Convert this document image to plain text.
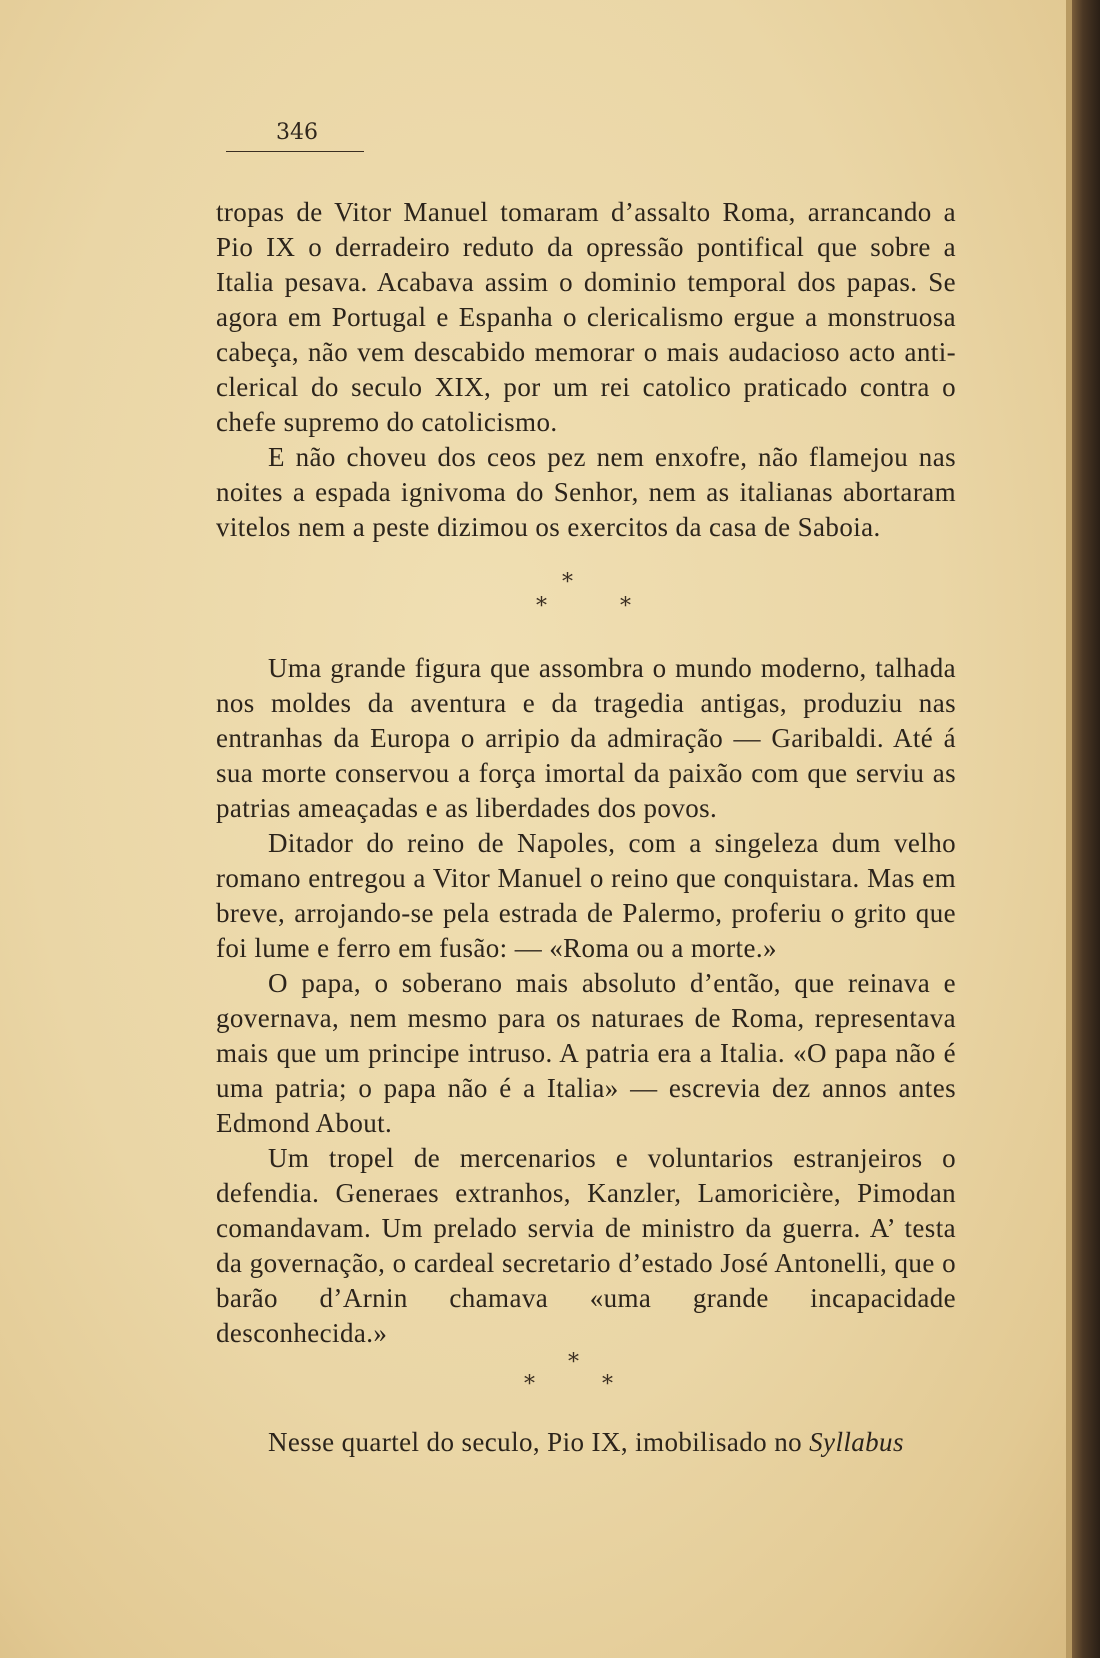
346

tropas de Vitor Manuel tomaram d’assalto Roma, arrancando a Pio IX o derradeiro reduto da opressão pontifical que sobre a Italia pesava. Acabava assim o dominio temporal dos papas. Se agora em Portugal e Espanha o clericalismo ergue a monstruosa cabeça, não vem descabido memorar o mais audacioso acto anti-clerical do seculo XIX, por um rei catolico praticado contra o chefe supremo do catolicismo.

E não choveu dos ceos pez nem enxofre, não flamejou nas noites a espada ignivoma do Senhor, nem as italianas abortaram vitelos nem a peste dizimou os exercitos da casa de Saboia.

*
*	*

Uma grande figura que assombra o mundo moderno, talhada nos moldes da aventura e da tragedia antigas, produziu nas entranhas da Europa o arripio da admiração — Garibaldi. Até á sua morte conservou a força imortal da paixão com que serviu as patrias ameaçadas e as liberdades dos povos.

Ditador do reino de Napoles, com a singeleza dum velho romano entregou a Vitor Manuel o reino que conquistara. Mas em breve, arrojando-se pela estrada de Palermo, proferiu o grito que foi lume e ferro em fusão: — «Roma ou a morte.»

O papa, o soberano mais absoluto d’então, que reinava e governava, nem mesmo para os naturaes de Roma, representava mais que um principe intruso. A patria era a Italia. «O papa não é uma patria; o papa não é a Italia» — escrevia dez annos antes Edmond About.

Um tropel de mercenarios e voluntarios estranjeiros o defendia. Generaes extranhos, Kanzler, Lamoricière, Pimodan comandavam. Um prelado servia de ministro da guerra. A’ testa da governação, o cardeal secretario d’estado José Antonelli, que o barão d’Arnin chamava «uma grande incapacidade desconhecida.»

*
*	*

Nesse quartel do seculo, Pio IX, imobilisado no Syllabus
